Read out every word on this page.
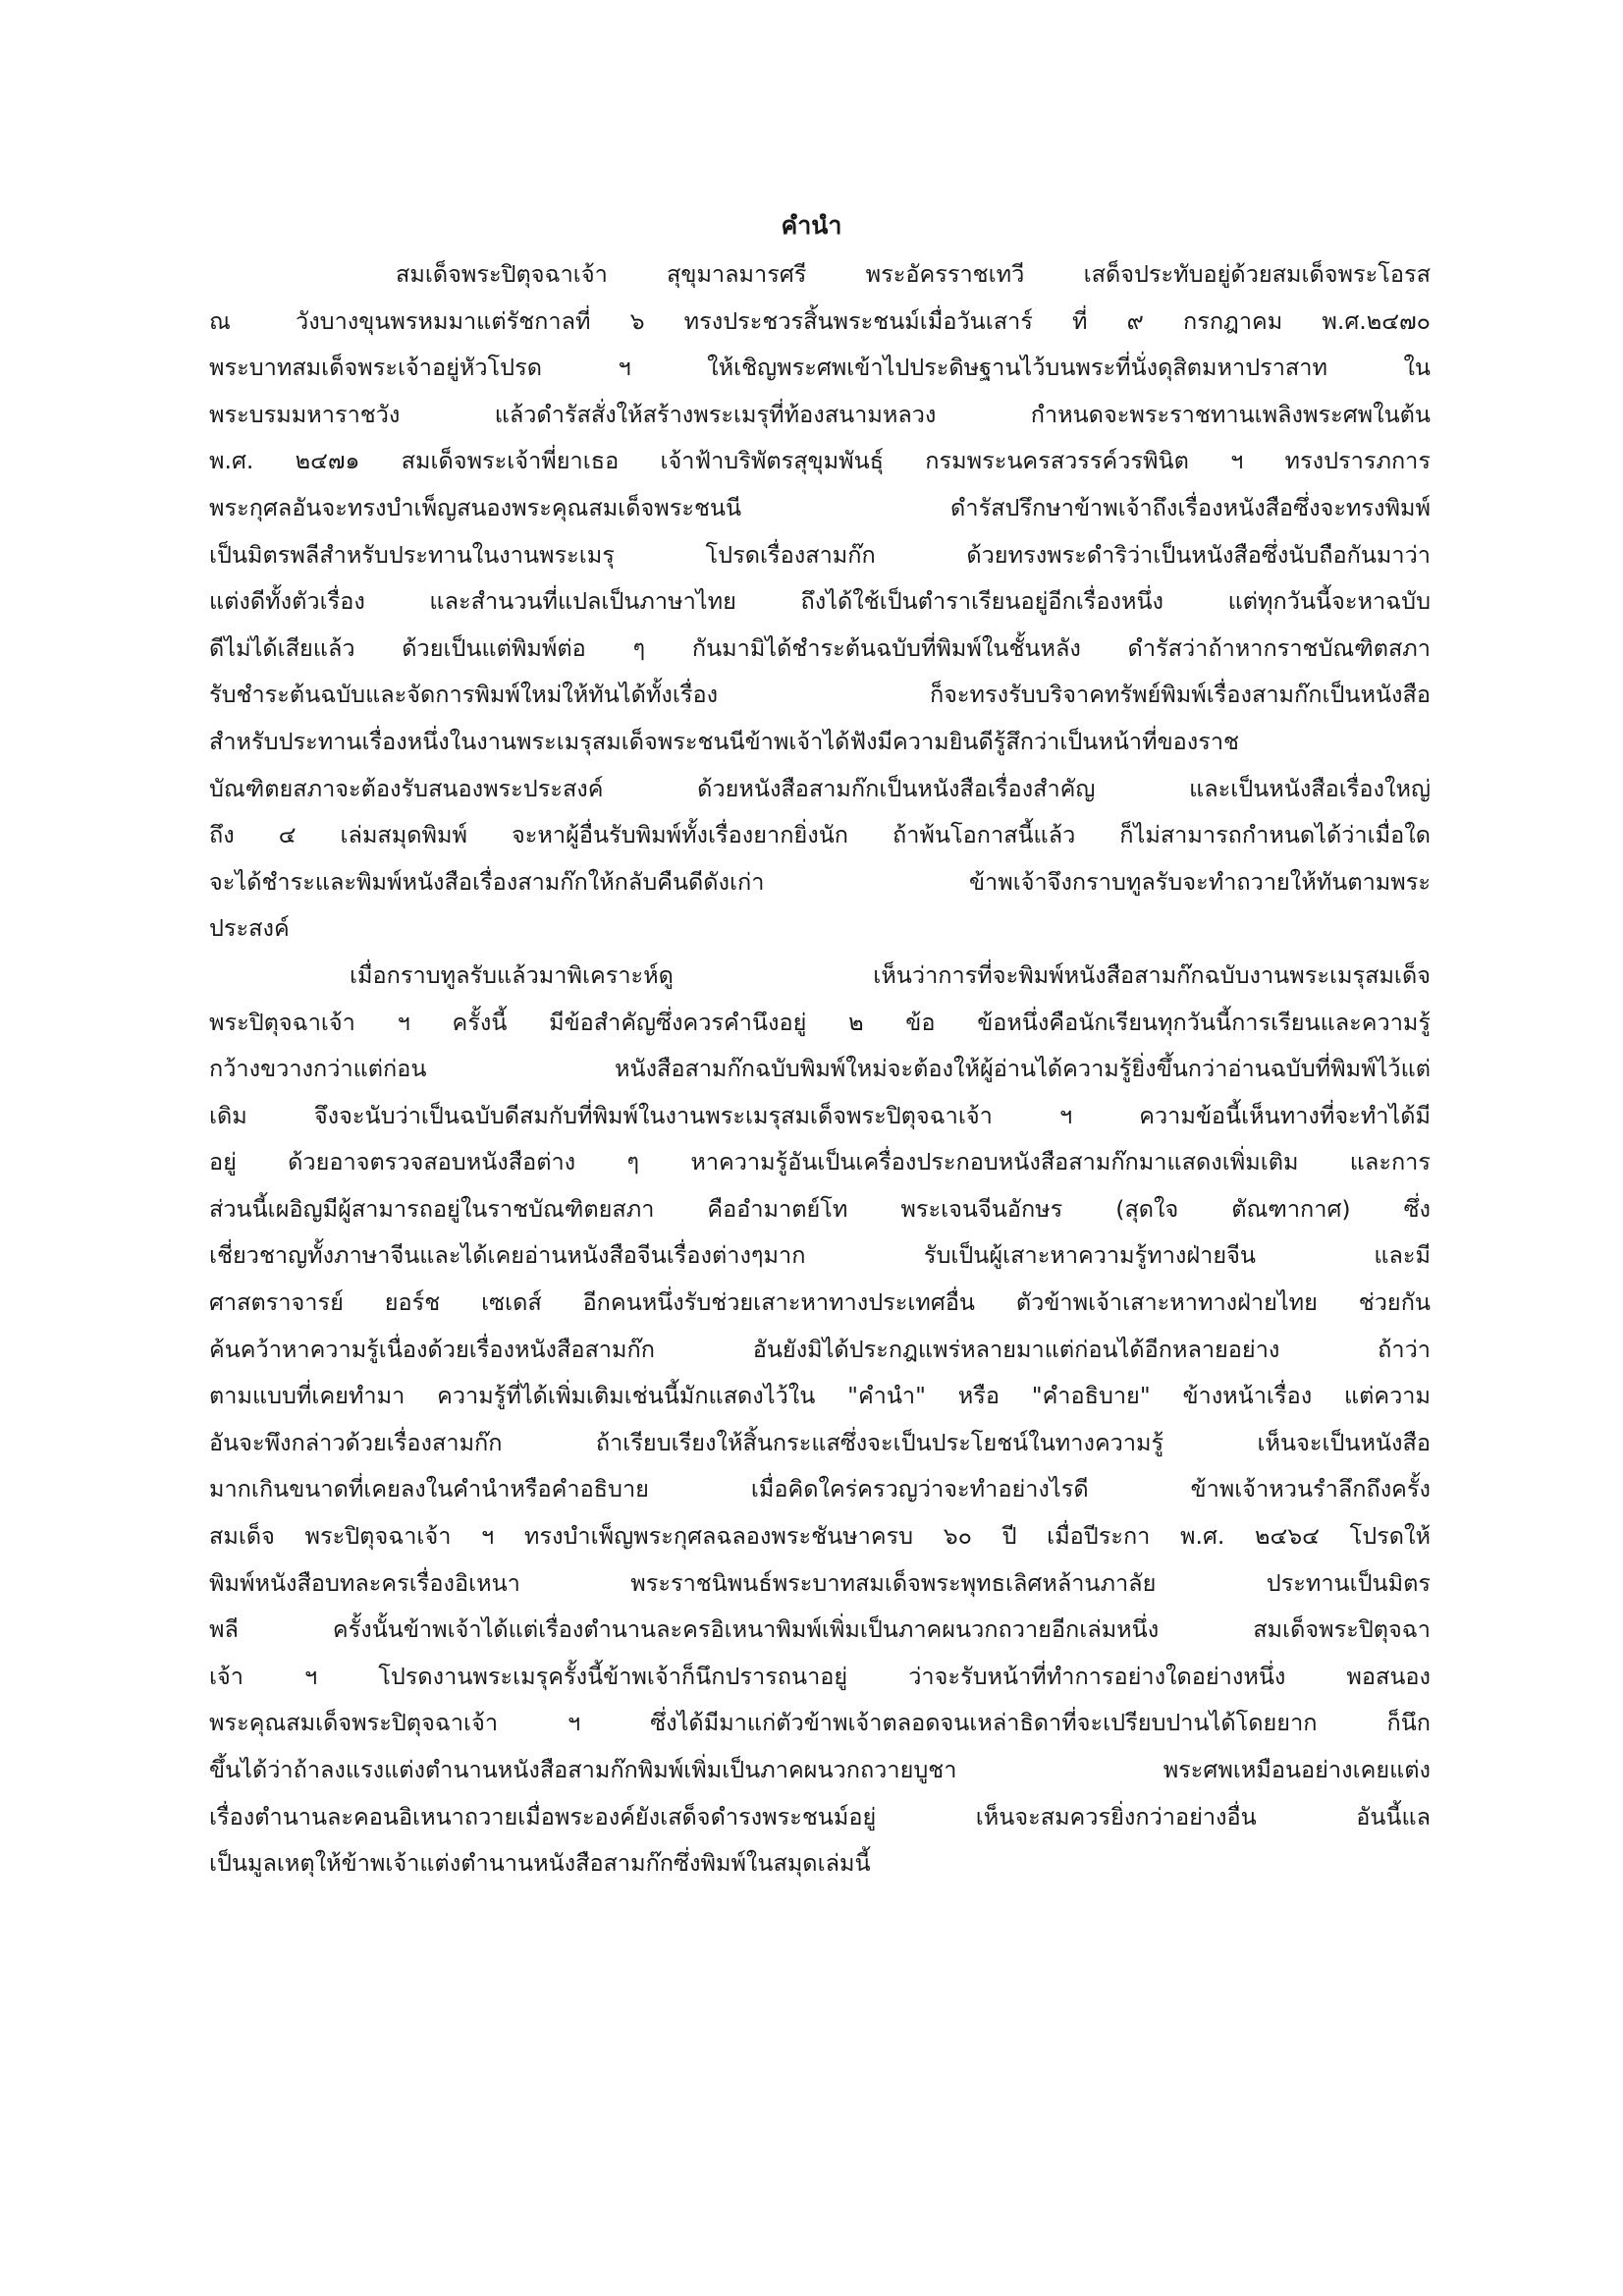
คำนำ
สมเด็จพระปิตุจฉาเจ้า สุขุมาลมารศรี พระอัครราชเทวี เสด็จประทับอยู่ด้วยสมเด็จพระโอรส
ณ	วังบางขุนพรหมมาแต่รัชกาลที่ ๖ ทรงประชวรสิ้นพระชนม์เมื่อวันเสาร์ ที่ ๙ กรกฎาคม พ.ศ.๒๔๗๐
พระบาทสมเด็จพระเจ้าอยู่หัวโปรด ฯ ให้เชิญพระศพเข้าไปประดิษฐานไว้บนพระที่นั่งดุสิตมหาปราสาท ใน
พระบรมมหาราชวัง แล้วดำรัสสั่งให้สร้างพระเมรุที่ท้องสนามหลวง กำหนดจะพระราชทานเพลิงพระศพในต้น
พ.ศ. ๒๔๗๑ สมเด็จพระเจ้าพี่ยาเธอ เจ้าฟ้าบริพัตรสุขุมพันธุ์ กรมพระนครสวรรค์วรพินิต ฯ ทรงปรารภการ
พระกุศลอันจะทรงบำเพ็ญสนองพระคุณสมเด็จพระชนนี ดำรัสปรึกษาข้าพเจ้าถึงเรื่องหนังสือซึ่งจะทรงพิมพ์
เป็นมิตรพลีสำหรับประทานในงานพระเมรุ โปรดเรื่องสามก๊ก ด้วยทรงพระดำริว่าเป็นหนังสือซึ่งนับถือกันมาว่า
แต่งดีทั้งตัวเรื่อง และสำนวนที่แปลเป็นภาษาไทย ถึงได้ใช้เป็นตำราเรียนอยู่อีกเรื่องหนึ่ง แต่ทุกวันนี้จะหาฉบับ
ดีไม่ได้เสียแล้ว ด้วยเป็นแต่พิมพ์ต่อ ๆ กันมามิได้ชำระต้นฉบับที่พิมพ์ในชั้นหลัง ดำรัสว่าถ้าหากราชบัณฑิตสภา
รับชำระต้นฉบับและจัดการพิมพ์ใหม่ให้ทันได้ทั้งเรื่อง ก็จะทรงรับบริจาคทรัพย์พิมพ์เรื่องสามก๊กเป็นหนังสือ
สำหรับประทานเรื่องหนึ่งในงานพระเมรุสมเด็จพระชนนีข้าพเจ้าได้ฟังมีความยินดีรู้สึกว่าเป็นหน้าที่ของราช
บัณฑิตยสภาจะต้องรับสนองพระประสงค์ ด้วยหนังสือสามก๊กเป็นหนังสือเรื่องสำคัญ และเป็นหนังสือเรื่องใหญ่
ถึง ๔ เล่มสมุดพิมพ์ จะหาผู้อื่นรับพิมพ์ทั้งเรื่องยากยิ่งนัก ถ้าพ้นโอกาสนี้แล้ว ก็ไม่สามารถกำหนดได้ว่าเมื่อใด
จะได้ชำระและพิมพ์หนังสือเรื่องสามก๊กให้กลับคืนดีดังเก่า ข้าพเจ้าจึงกราบทูลรับจะทำถวายให้ทันตามพระ
ประสงค์
เมื่อกราบทูลรับแล้วมาพิเคราะห์ดู เห็นว่าการที่จะพิมพ์หนังสือสามก๊กฉบับงานพระเมรุสมเด็จ
พระปิตุจฉาเจ้า ฯ ครั้งนี้ มีข้อสำคัญซึ่งควรคำนึงอยู่ ๒ ข้อ ข้อหนึ่งคือนักเรียนทุกวันนี้การเรียนและความรู้
กว้างขวางกว่าแต่ก่อน หนังสือสามก๊กฉบับพิมพ์ใหม่จะต้องให้ผู้อ่านได้ความรู้ยิ่งขึ้นกว่าอ่านฉบับที่พิมพ์ไว้แต่
เดิม จึงจะนับว่าเป็นฉบับดีสมกับที่พิมพ์ในงานพระเมรุสมเด็จพระปิตุจฉาเจ้า ฯ ความข้อนี้เห็นทางที่จะทำได้มี
อยู่ ด้วยอาจตรวจสอบหนังสือต่าง ๆ หาความรู้อันเป็นเครื่องประกอบหนังสือสามก๊กมาแสดงเพิ่มเติม และการ
ส่วนนี้เผอิญมีผู้สามารถอยู่ในราชบัณฑิตยสภา คืออำมาตย์โท พระเจนจีนอักษร (สุดใจ ตัณฑากาศ) ซึ่ง
เชี่ยวชาญทั้งภาษาจีนและได้เคยอ่านหนังสือจีนเรื่องต่างๆมาก รับเป็นผู้เสาะหาความรู้ทางฝ่ายจีน และมี
ศาสตราจารย์ ยอร์ช เซเดส์ อีกคนหนึ่งรับช่วยเสาะหาทางประเทศอื่น ตัวข้าพเจ้าเสาะหาทางฝ่ายไทย ช่วยกัน
ค้นคว้าหาความรู้เนื่องด้วยเรื่องหนังสือสามก๊ก อันยังมิได้ประกฎแพร่หลายมาแต่ก่อนได้อีกหลายอย่าง ถ้าว่า
ตามแบบที่เคยทำมา ความรู้ที่ได้เพิ่มเติมเช่นนี้มักแสดงไว้ใน "คำนำ" หรือ "คำอธิบาย" ข้างหน้าเรื่อง แต่ความ
อันจะพึงกล่าวด้วยเรื่องสามก๊ก ถ้าเรียบเรียงให้สิ้นกระแสซึ่งจะเป็นประโยชน์ในทางความรู้ เห็นจะเป็นหนังสือ
มากเกินขนาดที่เคยลงในคำนำหรือคำอธิบาย เมื่อคิดใคร่ครวญว่าจะทำอย่างไรดี ข้าพเจ้าหวนรำลึกถึงครั้ง
สมเด็จ พระปิตุจฉาเจ้า ฯ ทรงบำเพ็ญพระกุศลฉลองพระชันษาครบ ๖๐ ปี เมื่อปีระกา พ.ศ. ๒๔๖๔ โปรดให้
พิมพ์หนังสือบทละครเรื่องอิเหนา พระราชนิพนธ์พระบาทสมเด็จพระพุทธเลิศหล้านภาลัย ประทานเป็นมิตร
พลี ครั้งนั้นข้าพเจ้าได้แต่เรื่องตำนานละครอิเหนาพิมพ์เพิ่มเป็นภาคผนวกถวายอีกเล่มหนึ่ง สมเด็จพระปิตุจฉา
เจ้า ฯ โปรดงานพระเมรุครั้งนี้ข้าพเจ้าก็นึกปรารถนาอยู่ ว่าจะรับหน้าที่ทำการอย่างใดอย่างหนึ่ง พอสนอง
พระคุณสมเด็จพระปิตุจฉาเจ้า ฯ ซึ่งได้มีมาแก่ตัวข้าพเจ้าตลอดจนเหล่าธิดาที่จะเปรียบปานได้โดยยาก ก็นึก
ขึ้นได้ว่าถ้าลงแรงแต่งตำนานหนังสือสามก๊กพิมพ์เพิ่มเป็นภาคผนวกถวายบูชา พระศพเหมือนอย่างเคยแต่ง
เรื่องตำนานละคอนอิเหนาถวายเมื่อพระองค์ยังเสด็จดำรงพระชนม์อยู่ เห็นจะสมควรยิ่งกว่าอย่างอื่น อันนี้แล
เป็นมูลเหตุให้ข้าพเจ้าแต่งตำนานหนังสือสามก๊กซึ่งพิมพ์ในสมุดเล่มนี้
